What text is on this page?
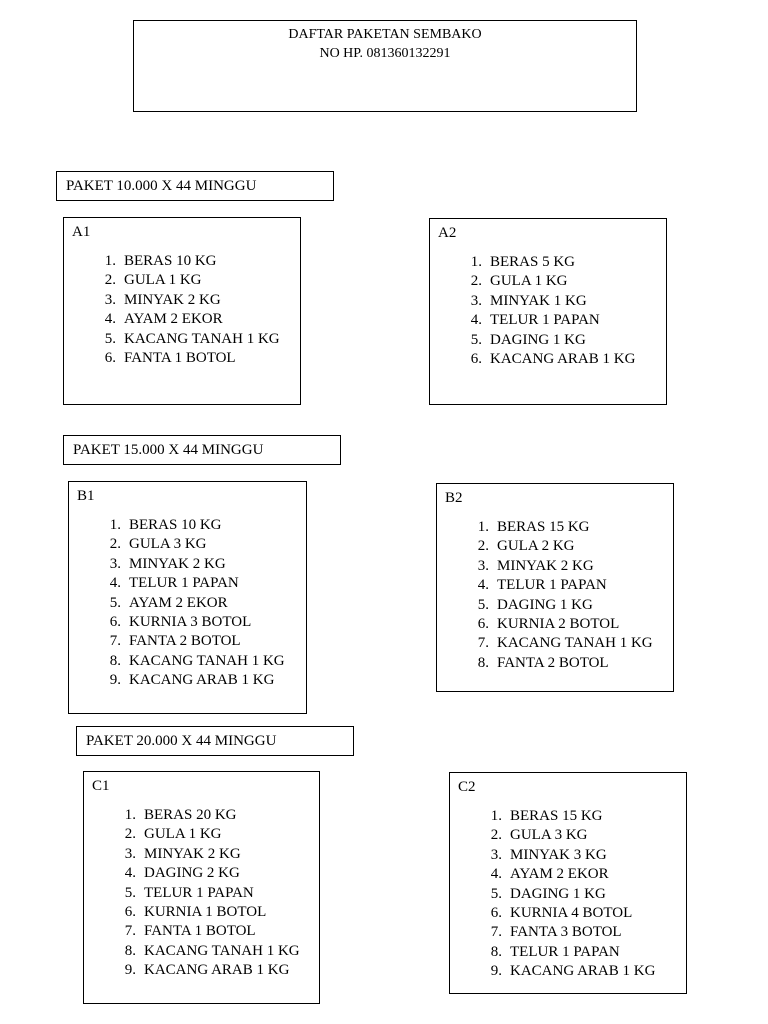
DAFTAR PAKETAN SEMBAKO
NO HP. 081360132291
PAKET 10.000 X 44 MINGGU
A1
1. BERAS 10 KG
2. GULA 1 KG
3. MINYAK 2 KG
4. AYAM 2 EKOR
5. KACANG TANAH 1 KG
6. FANTA 1 BOTOL
A2
1. BERAS 5 KG
2. GULA 1 KG
3. MINYAK 1 KG
4. TELUR 1 PAPAN
5. DAGING 1 KG
6. KACANG ARAB 1 KG
PAKET 15.000 X 44 MINGGU
B1
1. BERAS 10 KG
2. GULA 3 KG
3. MINYAK 2 KG
4. TELUR 1 PAPAN
5. AYAM 2 EKOR
6. KURNIA 3 BOTOL
7. FANTA 2 BOTOL
8. KACANG TANAH 1 KG
9. KACANG ARAB 1 KG
B2
1. BERAS 15 KG
2. GULA 2 KG
3. MINYAK 2 KG
4. TELUR 1 PAPAN
5. DAGING 1 KG
6. KURNIA 2 BOTOL
7. KACANG TANAH 1 KG
8. FANTA 2 BOTOL
PAKET 20.000 X 44 MINGGU
C1
1. BERAS 20 KG
2. GULA 1 KG
3. MINYAK 2 KG
4. DAGING 2 KG
5. TELUR 1 PAPAN
6. KURNIA 1 BOTOL
7. FANTA 1 BOTOL
8. KACANG TANAH 1 KG
9. KACANG ARAB 1 KG
C2
1. BERAS 15 KG
2. GULA 3 KG
3. MINYAK 3 KG
4. AYAM 2 EKOR
5. DAGING 1 KG
6. KURNIA 4 BOTOL
7. FANTA 3 BOTOL
8. TELUR 1 PAPAN
9. KACANG ARAB 1 KG
